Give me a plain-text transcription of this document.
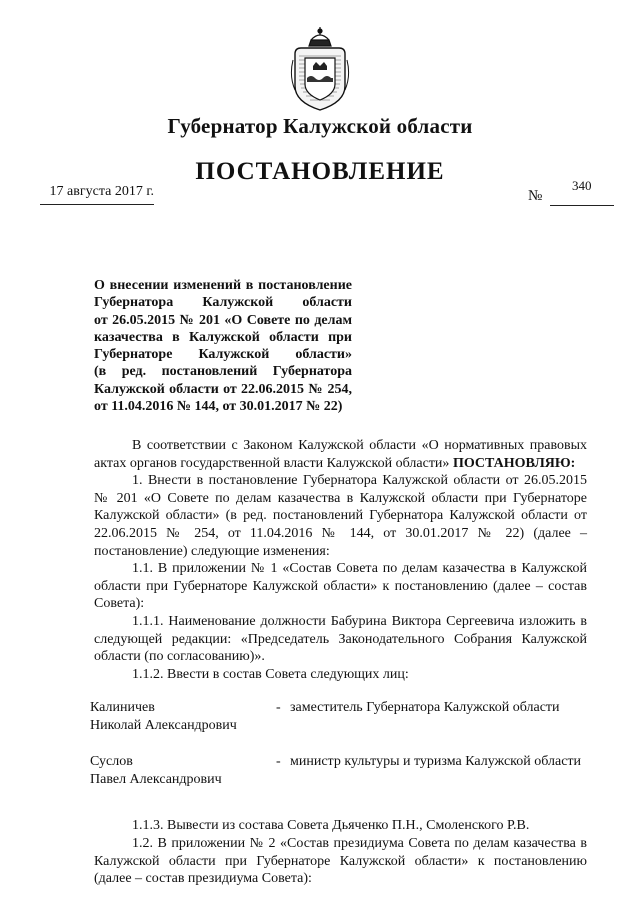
Губернатор Калужской области
ПОСТАНОВЛЕНИЕ
17 августа 2017 г.	№
340
О внесении изменений в постановление
Губернатора Калужской области
от 26.05.2015 № 201 «О Совете по делам
казачества в Калужской области при
Губернаторе Калужской области»
(в ред. постановлений Губернатора
Калужской области от 22.06.2015 № 254,
от 11.04.2016 № 144, от 30.01.2017 № 22)

В соответствии с Законом Калужской области «О нормативных правовых актах органов государственной власти Калужской области» ПОСТАНОВЛЯЮ:

1. Внести в постановление Губернатора Калужской области от 26.05.2015 № 201 «О Совете по делам казачества в Калужской области при Губернаторе Калужской области» (в ред. постановлений Губернатора Калужской области от 22.06.2015 № 254, от 11.04.2016 № 144, от 30.01.2017 № 22) (далее – постановление) следующие изменения:

1.1. В приложении № 1 «Состав Совета по делам казачества в Калужской области при Губернаторе Калужской области» к постановлению (далее – состав Совета):

1.1.1. Наименование должности Бабурина Виктора Сергеевича изложить в следующей редакции: «Председатель Законодательного Собрания Калужской области (по согласованию)».

1.1.2. Ввести в состав Совета следующих лиц:

Калиничев
Николай Александрович
- заместитель Губернатора Калужской области
Суслов
Павел Александрович
- министр культуры и туризма Калужской области

1.1.3. Вывести из состава Совета Дьяченко П.Н., Смоленского Р.В.

1.2. В приложении № 2 «Состав президиума Совета по делам казачества в Калужской области при Губернаторе Калужской области» к постановлению (далее – состав президиума Совета):
